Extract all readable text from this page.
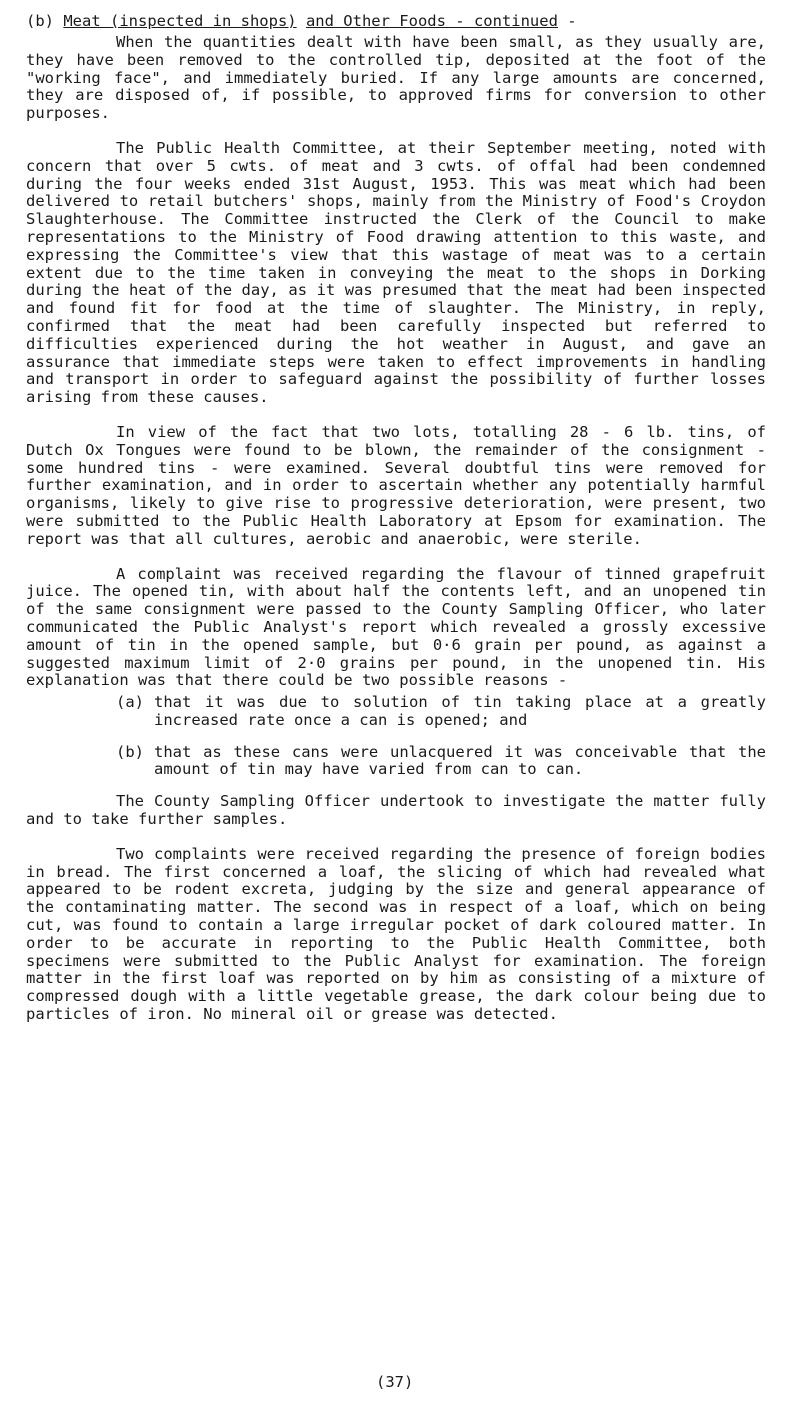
(b) Meat (inspected in shops) and Other Foods - continued -

When the quantities dealt with have been small, as they usually are, they have been removed to the controlled tip, deposited at the foot of the "working face", and immediately buried. If any large amounts are concerned, they are disposed of, if possible, to approved firms for conversion to other purposes.

The Public Health Committee, at their September meeting, noted with concern that over 5 cwts. of meat and 3 cwts. of offal had been condemned during the four weeks ended 31st August, 1953. This was meat which had been delivered to retail butchers' shops, mainly from the Ministry of Food's Croydon Slaughterhouse. The Committee instructed the Clerk of the Council to make representations to the Ministry of Food drawing attention to this waste, and expressing the Committee's view that this wastage of meat was to a certain extent due to the time taken in conveying the meat to the shops in Dorking during the heat of the day, as it was presumed that the meat had been inspected and found fit for food at the time of slaughter. The Ministry, in reply, confirmed that the meat had been carefully inspected but referred to difficulties experienced during the hot weather in August, and gave an assurance that immediate steps were taken to effect improvements in handling and transport in order to safeguard against the possibility of further losses arising from these causes.

In view of the fact that two lots, totalling 28 - 6 lb. tins, of Dutch Ox Tongues were found to be blown, the remainder of the consignment - some hundred tins - were examined. Several doubtful tins were removed for further examination, and in order to ascertain whether any potentially harmful organisms, likely to give rise to progressive deterioration, were present, two were submitted to the Public Health Laboratory at Epsom for examination. The report was that all cultures, aerobic and anaerobic, were sterile.

A complaint was received regarding the flavour of tinned grapefruit juice. The opened tin, with about half the contents left, and an unopened tin of the same consignment were passed to the County Sampling Officer, who later communicated the Public Analyst's report which revealed a grossly excessive amount of tin in the opened sample, but 0·6 grain per pound, as against a suggested maximum limit of 2·0 grains per pound, in the unopened tin. His explanation was that there could be two possible reasons -

(a) that it was due to solution of tin taking place at a greatly increased rate once a can is opened; and
(b) that as these cans were unlacquered it was conceivable that the amount of tin may have varied from can to can.

The County Sampling Officer undertook to investigate the matter fully and to take further samples.

Two complaints were received regarding the presence of foreign bodies in bread. The first concerned a loaf, the slicing of which had revealed what appeared to be rodent excreta, judging by the size and general appearance of the contaminating matter. The second was in respect of a loaf, which on being cut, was found to contain a large irregular pocket of dark coloured matter. In order to be accurate in reporting to the Public Health Committee, both specimens were submitted to the Public Analyst for examination. The foreign matter in the first loaf was reported on by him as consisting of a mixture of compressed dough with a little vegetable grease, the dark colour being due to particles of iron. No mineral oil or grease was detected.

(37)
